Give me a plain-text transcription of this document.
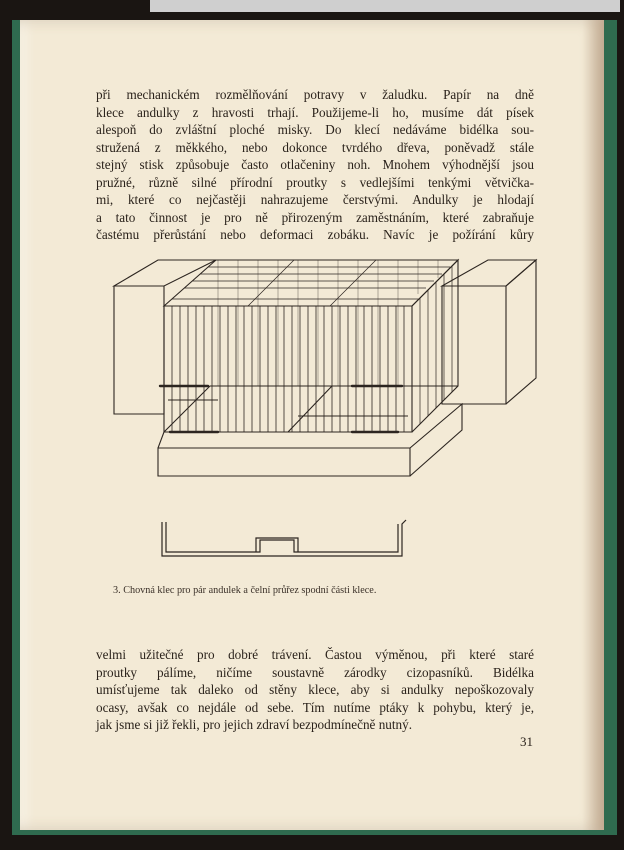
při mechanickém rozmělňování potravy v žaludku. Papír na dně
klece andulky z hravosti trhají. Použijeme-li ho, musíme dát písek
alespoň do zvláštní ploché misky. Do klecí nedáváme bidélka sou-
stružená z měkkého, nebo dokonce tvrdého dřeva, poněvadž stále
stejný stisk způsobuje často otlačeniny noh. Mnohem výhodnější jsou
pružné, různě silné přírodní proutky s vedlejšími tenkými větvička-
mi, které co nejčastěji nahrazujeme čerstvými. Andulky je hlodají
a tato činnost je pro ně přirozeným zaměstnáním, které zabraňuje
častému přerůstání nebo deformaci zobáku. Navíc je požírání kůry

3. Chovná klec pro pár andulek a čelní průřez spodní části klece.

velmi užitečné pro dobré trávení. Častou výměnou, při které staré
proutky pálíme, ničíme soustavně zárodky cizopasníků. Bidélka
umísťujeme tak daleko od stěny klece, aby si andulky nepoškozovaly
ocasy, avšak co nejdále od sebe. Tím nutíme ptáky k pohybu, který je,
jak jsme si již řekli, pro jejich zdraví bezpodmínečně nutný.

31
